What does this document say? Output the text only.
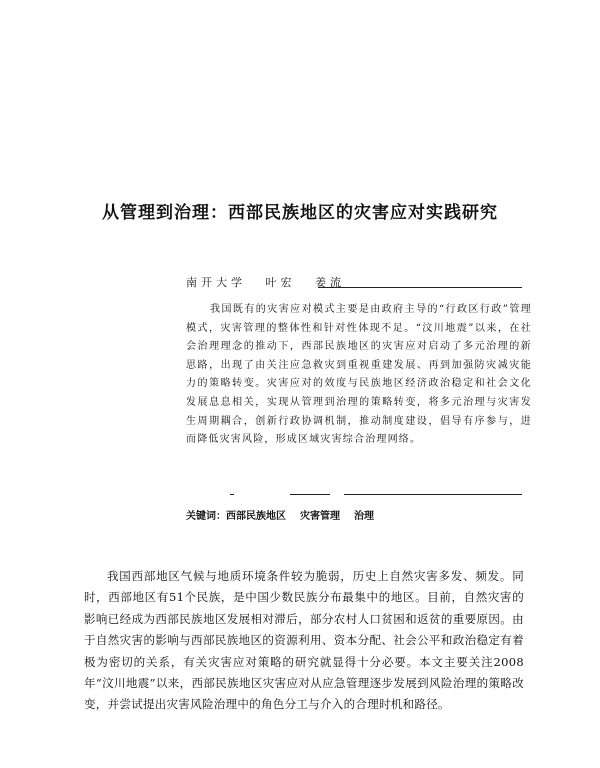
从管理到治理：西部民族地区的灾害应对实践研究
南开大学 叶宏 姜流

我国既有的灾害应对模式主要是由政府主导的“行政区行政”管理模式，灾害管理的整体性和针对性体现不足。“汶川地震”以来，在社会治理理念的推动下，西部民族地区的灾害应对启动了多元治理的新思路，出现了由关注应急救灾到重视重建发展、再到加强防灾减灾能力的策略转变。灾害应对的效度与民族地区经济政治稳定和社会文化发展息息相关，实现从管理到治理的策略转变，将多元治理与灾害发生周期耦合，创新行政协调机制，推动制度建设，倡导有序参与，进而降低灾害风险，形成区域灾害综合治理网络。

关键词：西部民族地区 灾害管理 治理

我国西部地区气候与地质环境条件较为脆弱，历史上自然灾害多发、频发。同时，西部地区有51个民族，是中国少数民族分布最集中的地区。目前，自然灾害的影响已经成为西部民族地区发展相对滞后，部分农村人口贫困和返贫的重要原因。由于自然灾害的影响与西部民族地区的资源利用、资本分配、社会公平和政治稳定有着极为密切的关系，有关灾害应对策略的研究就显得十分必要。本文主要关注2008年“汶川地震”以来，西部民族地区灾害应对从应急管理逐步发展到风险治理的策略改变，并尝试提出灾害风险治理中的角色分工与介入的合理时机和路径。
